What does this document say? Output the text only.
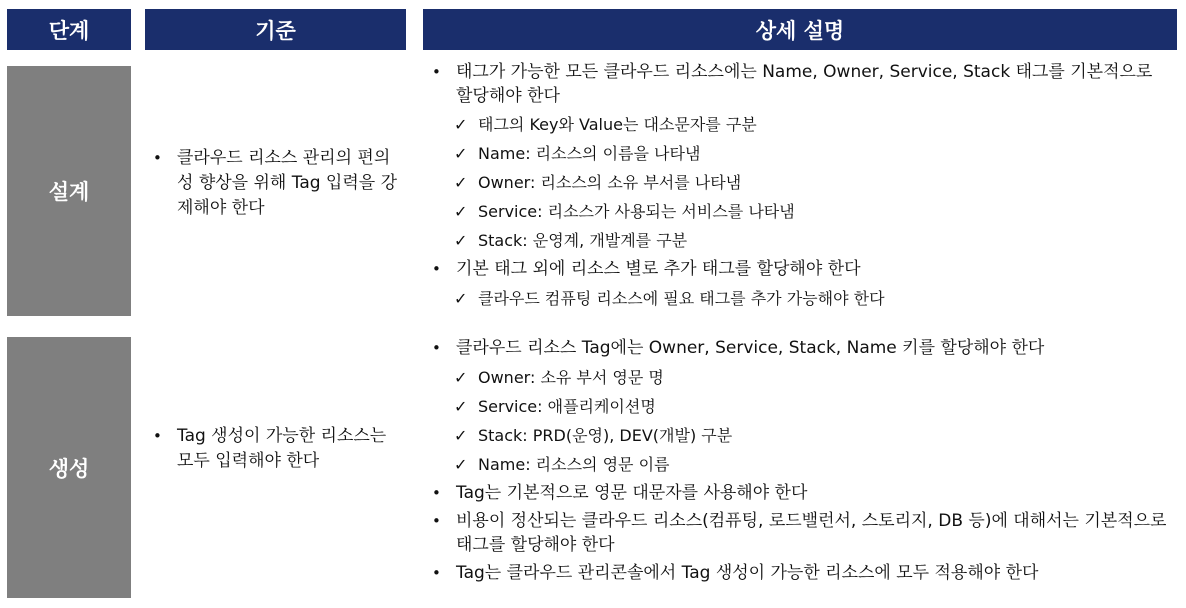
단계	기준	상세 설명
설계
생성
• 클라우드 리소스 관리의 편의성 향상을 위해 Tag 입력을 강제해야 한다
• Tag 생성이 가능한 리소스는 모두 입력해야 한다
• 태그가 가능한 모든 클라우드 리소스에는 Name, Owner, Service, Stack 태그를 기본적으로 할당해야 한다
✓ 태그의 Key와 Value는 대소문자를 구분
✓ Name: 리소스의 이름을 나타냄
✓ Owner: 리소스의 소유 부서를 나타냄
✓ Service: 리소스가 사용되는 서비스를 나타냄
✓ Stack: 운영계, 개발계를 구분
• 기본 태그 외에 리소스 별로 추가 태그를 할당해야 한다
✓ 클라우드 컴퓨팅 리소스에 필요 태그를 추가 가능해야 한다
• 클라우드 리소스 Tag에는 Owner, Service, Stack, Name 키를 할당해야 한다
✓ Owner: 소유 부서 영문 명
✓ Service: 애플리케이션명
✓ Stack: PRD(운영), DEV(개발) 구분
✓ Name: 리소스의 영문 이름
• Tag는 기본적으로 영문 대문자를 사용해야 한다
• 비용이 정산되는 클라우드 리소스(컴퓨팅, 로드밸런서, 스토리지, DB 등)에 대해서는 기본적으로 태그를 할당해야 한다
• Tag는 클라우드 관리콘솔에서 Tag 생성이 가능한 리소스에 모두 적용해야 한다
